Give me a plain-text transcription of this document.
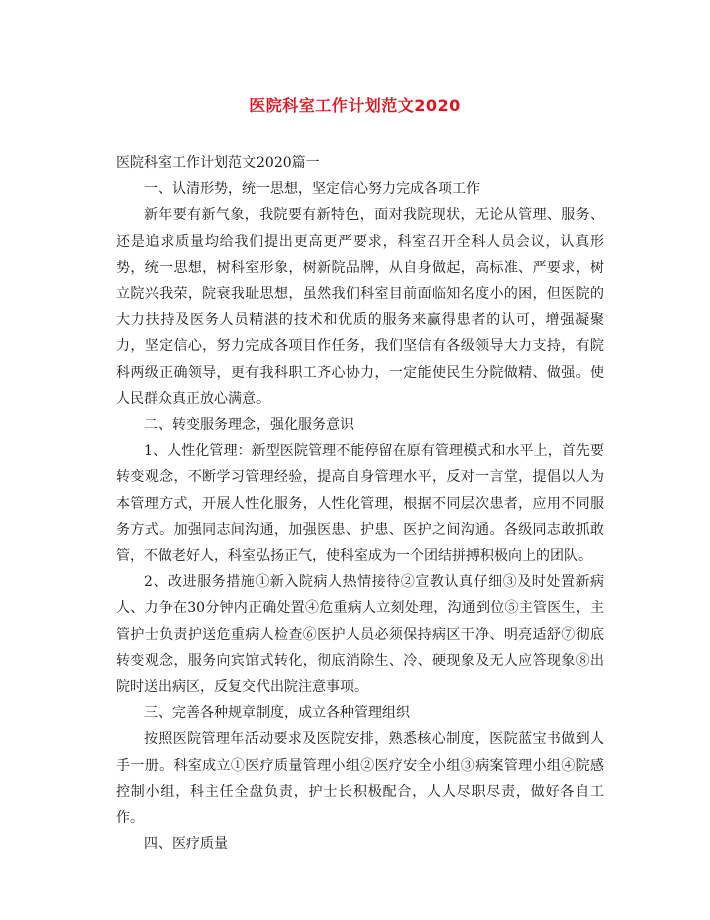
医院科室工作计划范文2020

医院科室工作计划范文2020篇一

一、认清形势，统一思想，坚定信心努力完成各项工作

新年要有新气象，我院要有新特色，面对我院现状，无论从管理、服务、还是追求质量均给我们提出更高更严要求，科室召开全科人员会议，认真形势，统一思想，树科室形象，树新院品牌，从自身做起，高标准、严要求，树立院兴我荣，院衰我耻思想，虽然我们科室目前面临知名度小的困，但医院的大力扶持及医务人员精湛的技术和优质的服务来赢得患者的认可，增强凝聚力，坚定信心，努力完成各项目作任务，我们坚信有各级领导大力支持，有院科两级正确领导，更有我科职工齐心协力，一定能使民生分院做精、做强。使人民群众真正放心满意。

二、转变服务理念，强化服务意识

1、人性化管理：新型医院管理不能停留在原有管理模式和水平上，首先要转变观念，不断学习管理经验，提高自身管理水平，反对一言堂，提倡以人为本管理方式，开展人性化服务，人性化管理，根据不同层次患者，应用不同服务方式。加强同志间沟通，加强医患、护患、医护之间沟通。各级同志敢抓敢管，不做老好人，科室弘扬正气，使科室成为一个团结拼搏积极向上的团队。

2、改进服务措施①新入院病人热情接待②宣教认真仔细③及时处置新病人、力争在30分钟内正确处置④危重病人立刻处理，沟通到位⑤主管医生，主管护士负责护送危重病人检查⑥医护人员必须保持病区干净、明亮适舒⑦彻底转变观念，服务向宾馆式转化，彻底消除生、冷、硬现象及无人应答现象⑧出院时送出病区，反复交代出院注意事项。

三、完善各种规章制度，成立各种管理组织

按照医院管理年活动要求及医院安排，熟悉核心制度，医院蓝宝书做到人手一册。科室成立①医疗质量管理小组②医疗安全小组③病案管理小组④院感控制小组，科主任全盘负责，护士长积极配合，人人尽职尽责，做好各自工作。

四、医疗质量
